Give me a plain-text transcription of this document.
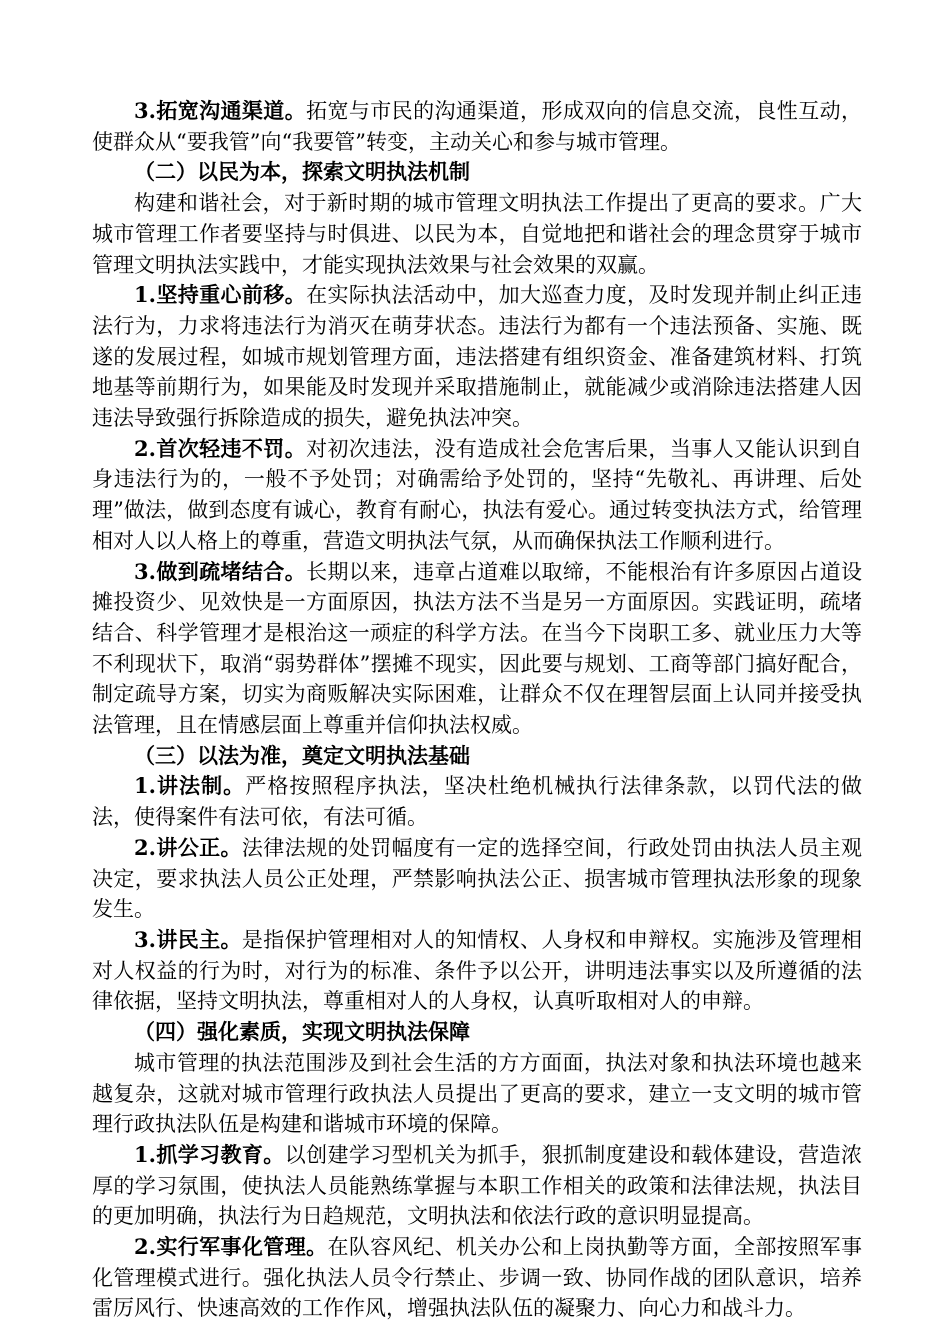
3.拓宽沟通渠道。拓宽与市民的沟通渠道，形成双向的信息交流，良性互动，使群众从“要我管”向“我要管”转变，主动关心和参与城市管理。

（二）以民为本，探索文明执法机制

构建和谐社会，对于新时期的城市管理文明执法工作提出了更高的要求。广大城市管理工作者要坚持与时俱进、以民为本，自觉地把和谐社会的理念贯穿于城市管理文明执法实践中，才能实现执法效果与社会效果的双赢。

1.坚持重心前移。在实际执法活动中，加大巡查力度，及时发现并制止纠正违法行为，力求将违法行为消灭在萌芽状态。违法行为都有一个违法预备、实施、既遂的发展过程，如城市规划管理方面，违法搭建有组织资金、准备建筑材料、打筑地基等前期行为，如果能及时发现并采取措施制止，就能减少或消除违法搭建人因违法导致强行拆除造成的损失，避免执法冲突。

2.首次轻违不罚。对初次违法，没有造成社会危害后果，当事人又能认识到自身违法行为的，一般不予处罚；对确需给予处罚的，坚持“先敬礼、再讲理、后处理”做法，做到态度有诚心，教育有耐心，执法有爱心。通过转变执法方式，给管理相对人以人格上的尊重，营造文明执法气氛，从而确保执法工作顺利进行。

3.做到疏堵结合。长期以来，违章占道难以取缔，不能根治有许多原因占道设摊投资少、见效快是一方面原因，执法方法不当是另一方面原因。实践证明，疏堵结合、科学管理才是根治这一顽症的科学方法。在当今下岗职工多、就业压力大等不利现状下，取消“弱势群体”摆摊不现实，因此要与规划、工商等部门搞好配合，制定疏导方案，切实为商贩解决实际困难，让群众不仅在理智层面上认同并接受执法管理，且在情感层面上尊重并信仰执法权威。

（三）以法为准，奠定文明执法基础

1.讲法制。严格按照程序执法，坚决杜绝机械执行法律条款，以罚代法的做法，使得案件有法可依，有法可循。

2.讲公正。法律法规的处罚幅度有一定的选择空间，行政处罚由执法人员主观决定，要求执法人员公正处理，严禁影响执法公正、损害城市管理执法形象的现象发生。

3.讲民主。是指保护管理相对人的知情权、人身权和申辩权。实施涉及管理相对人权益的行为时，对行为的标准、条件予以公开，讲明违法事实以及所遵循的法律依据，坚持文明执法，尊重相对人的人身权，认真听取相对人的申辩。

（四）强化素质，实现文明执法保障

城市管理的执法范围涉及到社会生活的方方面面，执法对象和执法环境也越来越复杂，这就对城市管理行政执法人员提出了更高的要求，建立一支文明的城市管理行政执法队伍是构建和谐城市环境的保障。

1.抓学习教育。以创建学习型机关为抓手，狠抓制度建设和载体建设，营造浓厚的学习氛围，使执法人员能熟练掌握与本职工作相关的政策和法律法规，执法目的更加明确，执法行为日趋规范，文明执法和依法行政的意识明显提高。

2.实行军事化管理。在队容风纪、机关办公和上岗执勤等方面，全部按照军事化管理模式进行。强化执法人员令行禁止、步调一致、协同作战的团队意识，培养雷厉风行、快速高效的工作作风，增强执法队伍的凝聚力、向心力和战斗力。
